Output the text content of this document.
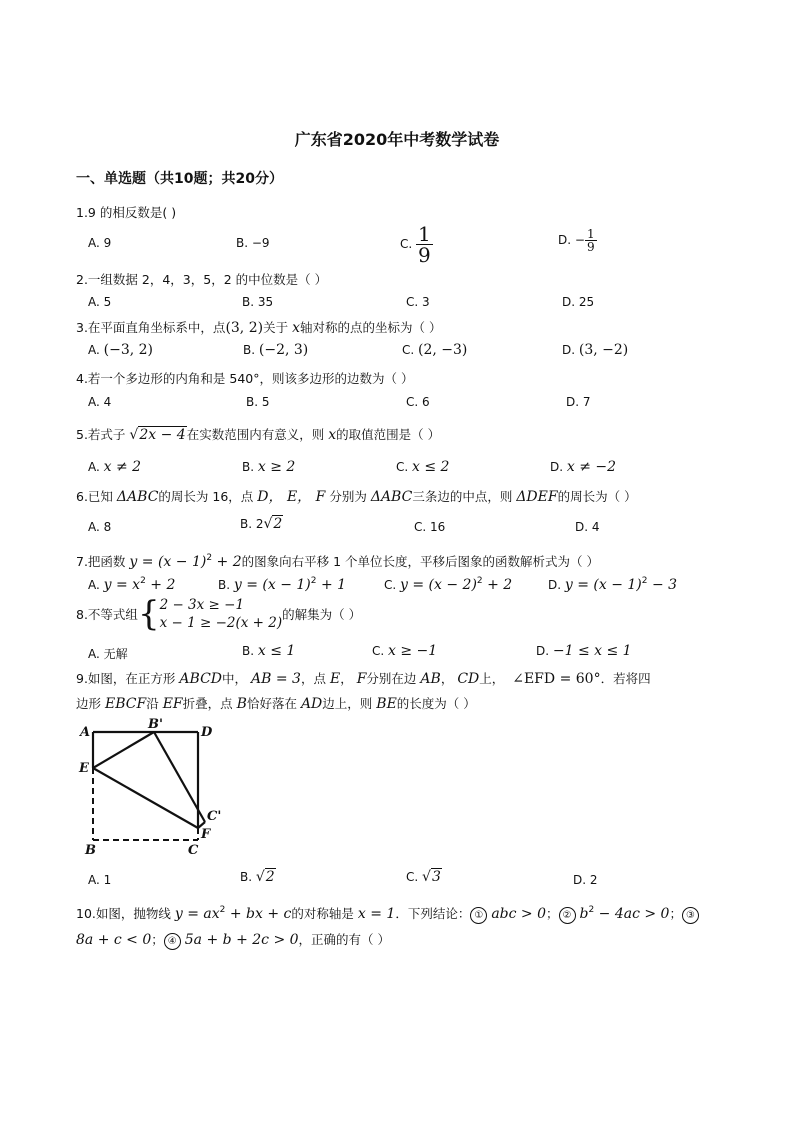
广东省2020年中考数学试卷
一、单选题（共10题；共20分）
1.9 的相反数是( )
A. 9	B. −9	C. $\frac{1}{9}$	D. − $\frac{1}{9}$
2.一组数据 2，4，3，5，2 的中位数是（ ）
A. 5	B. 35	C. 3	D. 25
3.在平面直角坐标系中，点(3, 2)关于 x轴对称的点的坐标为（ ）
A. (−3, 2)	B. (−2, 3)	C. (2, −3)	D. (3, −2)
4.若一个多边形的内角和是 540°，则该多边形的边数为（ ）
A. 4	B. 5	C. 6	D. 7
5.若式子 √2x − 4在实数范围内有意义，则 x的取值范围是（ ）
A. x ≠ 2	B. x ≥ 2	C. x ≤ 2	D. x ≠ −2
6.已知 ΔABC的周长为 16，点 D， E， F 分别为 ΔABC三条边的中点，则 ΔDEF的周长为（ ）
A. 8	B. 2√2	C. 16	D. 4
7.把函数 $y = (x - 1)^2 + 2$的图象向右平移 1 个单位长度，平移后图象的函数解析式为（ ）
A. $y = x^2 + 2$	B. $y = (x - 1)^2 + 1$	C. $y = (x - 2)^2 + 2$	D. $y = (x - 1)^2 - 3$
8.不等式组{ 2 − 3x ≥ −1
x − 1 ≥ −2(x + 2)
的解集为（ ）
A. 无解	B. x ≤ 1	C. x ≥ −1	D. −1 ≤ x ≤ 1
9.如图，在正方形 ABCD中， AB = 3，点 E， F分别在边 AB， CD上， ∠EFD = 60°．若将四
边形 EBCF沿 EF折叠，点 B恰好落在 AD边上，则 BE的长度为（ ）
A
B'
D
E
C'
F
B	C
A. 1	B. √2	C. √3	D. 2
10.如图，抛物线 $y = ax^2$ + bx + c的对称轴是 x = 1．下列结论： ① abc > 0； ② $b^2 - 4ac > 0$； ③
8a + c < 0； ④ 5a + b + 2c > 0，正确的有（ ）
